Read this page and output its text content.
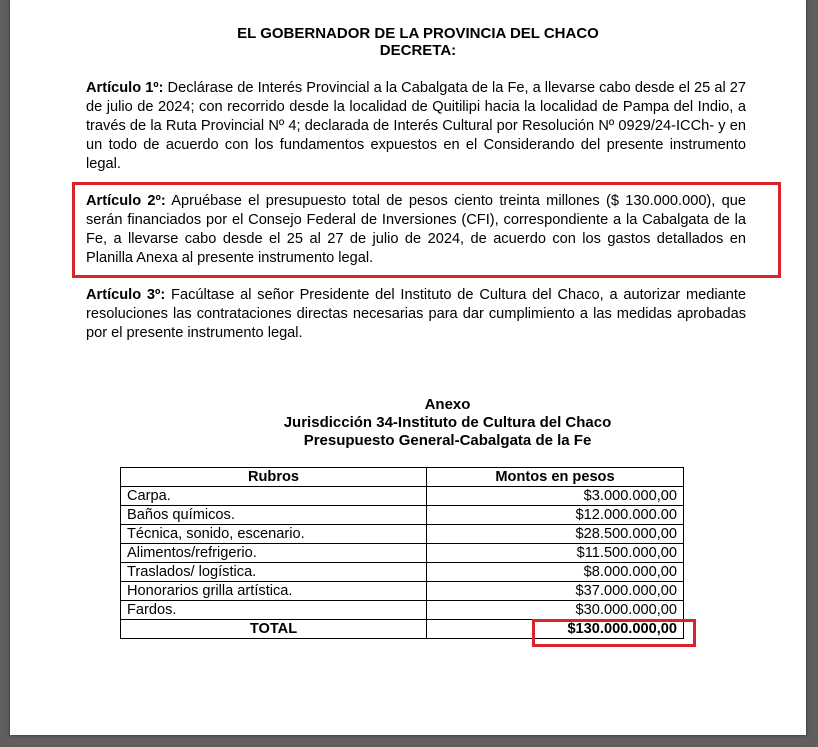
EL GOBERNADOR DE LA PROVINCIA DEL CHACO
DECRETA:

Artículo 1º: Declárase de Interés Provincial a la Cabalgata de la Fe, a llevarse cabo desde el 25 al 27 de julio de 2024; con recorrido desde la localidad de Quitilipi hacia la localidad de Pampa del Indio, a través de la Ruta Provincial Nº 4; declarada de Interés Cultural por Resolución Nº 0929/24-ICCh- y en un todo de acuerdo con los fundamentos expuestos en el Considerando del presente instrumento legal.

Artículo 2º: Apruébase el presupuesto total de pesos ciento treinta millones ($ 130.000.000), que serán financiados por el Consejo Federal de Inversiones (CFI), correspondiente a la Cabalgata de la Fe, a llevarse cabo desde el 25 al 27 de julio de 2024, de acuerdo con los gastos detallados en Planilla Anexa al presente instrumento legal.

Artículo 3º: Facúltase al señor Presidente del Instituto de Cultura del Chaco, a autorizar mediante resoluciones las contrataciones directas necesarias para dar cumplimiento a las medidas aprobadas por el presente instrumento legal.

Anexo
Jurisdicción 34-Instituto de Cultura del Chaco
Presupuesto General-Cabalgata de la Fe
Rubros	Montos en pesos
Carpa.	$3.000.000,00
Baños químicos.	$12.000.000.00
Técnica, sonido, escenario.	$28.500.000,00
Alimentos/refrigerio.	$11.500.000,00
Traslados/ logística.	$8.000.000,00
Honorarios grilla artística.	$37.000.000,00
Fardos.	$30.000.000,00
TOTAL	$130.000.000,00
